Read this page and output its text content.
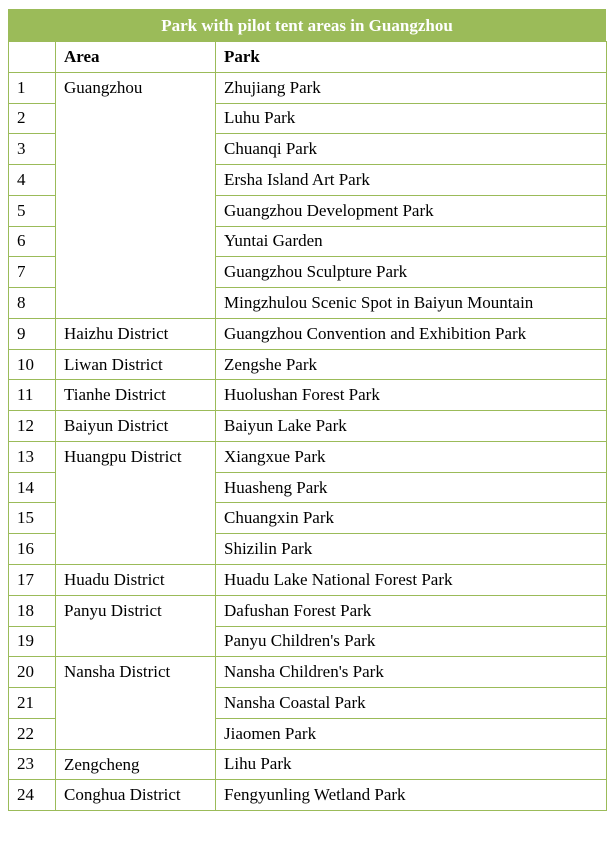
Park with pilot tent areas in Guangzhou
	Area	Park
1	Guangzhou	Zhujiang Park
2		Luhu Park
3		Chuanqi Park
4		Ersha Island Art Park
5		Guangzhou Development Park
6		Yuntai Garden
7		Guangzhou Sculpture Park
8		Mingzhulou Scenic Spot in Baiyun Mountain
9	Haizhu District	Guangzhou Convention and Exhibition Park
10	Liwan District	Zengshe Park
11	Tianhe District	Huolushan Forest Park
12	Baiyun District	Baiyun Lake Park
13	Huangpu District	Xiangxue Park
14		Huasheng Park
15		Chuangxin Park
16		Shizilin Park
17	Huadu District	Huadu Lake National Forest Park
18	Panyu District	Dafushan Forest Park
19		Panyu Children's Park
20	Nansha District	Nansha Children's Park
21		Nansha Coastal Park
22		Jiaomen Park
23	Zengcheng	Lihu Park
24	Conghua District	Fengyunling Wetland Park
